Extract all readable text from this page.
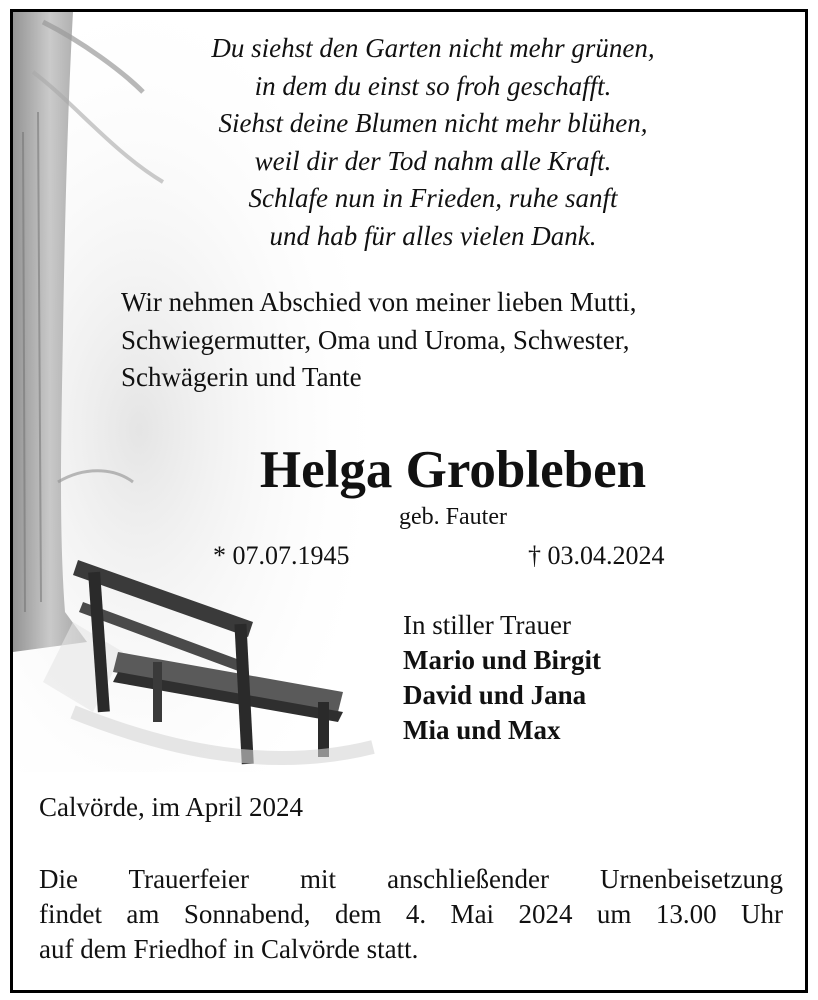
Du siehst den Garten nicht mehr grünen,
in dem du einst so froh geschafft.
Siehst deine Blumen nicht mehr blühen,
weil dir der Tod nahm alle Kraft.
Schlafe nun in Frieden, ruhe sanft
und hab für alles vielen Dank.
Wir nehmen Abschied von meiner lieben Mutti,
Schwiegermutter, Oma und Uroma, Schwester,
Schwägerin und Tante
Helga Grobleben
geb. Fauter
* 07.07.1945	† 03.04.2024
In stiller Trauer
Mario und Birgit
David und Jana
Mia und Max
Calvörde, im April 2024
Die Trauerfeier mit anschließender Urnenbeisetzung
findet am Sonnabend, dem 4. Mai 2024 um 13.00 Uhr
auf dem Friedhof in Calvörde statt.
